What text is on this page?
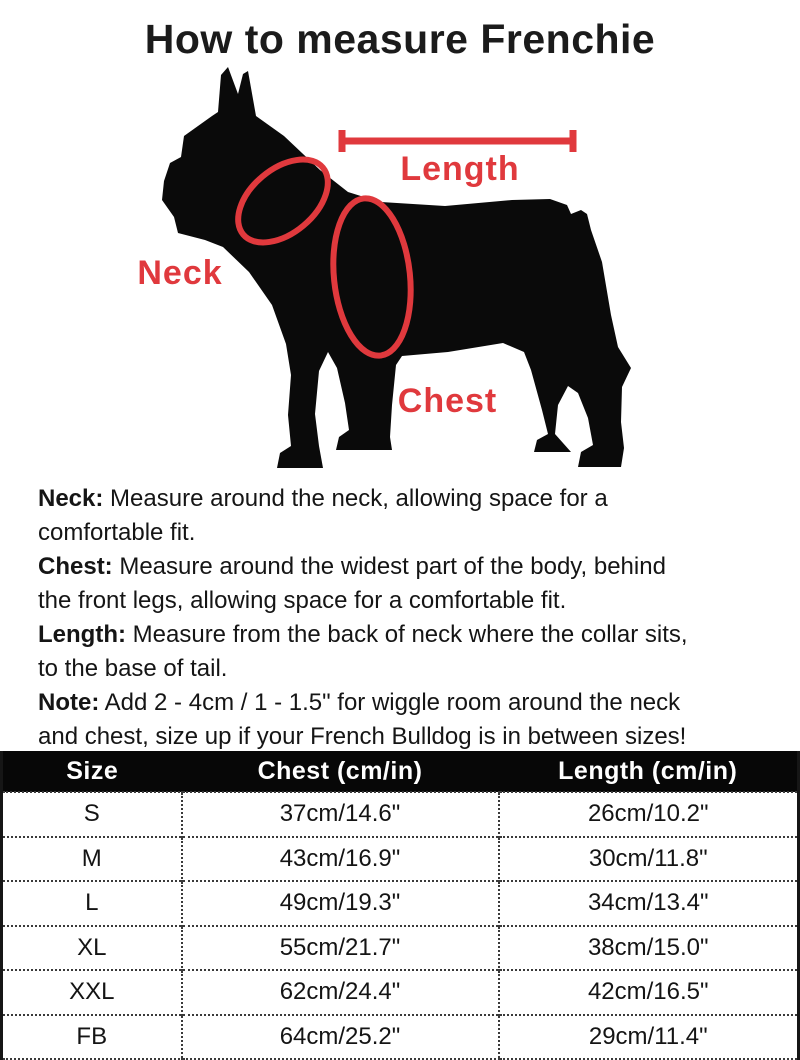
How to measure Frenchie
Length
Neck
Chest

Neck: Measure around the neck, allowing space for a
comfortable fit.

Chest: Measure around the widest part of the body, behind
the front legs, allowing space for a comfortable fit.

Length: Measure from the back of neck where the collar sits,
to the base of tail.

Note: Add 2 - 4cm / 1 - 1.5" for wiggle room around the neck
and chest, size up if your French Bulldog is in between sizes!

Size	Chest (cm/in)	Length (cm/in)
S	37cm/14.6"	26cm/10.2"
M	43cm/16.9"	30cm/11.8"
L	49cm/19.3"	34cm/13.4"
XL	55cm/21.7"	38cm/15.0"
XXL	62cm/24.4"	42cm/16.5"
FB	64cm/25.2"	29cm/11.4"
